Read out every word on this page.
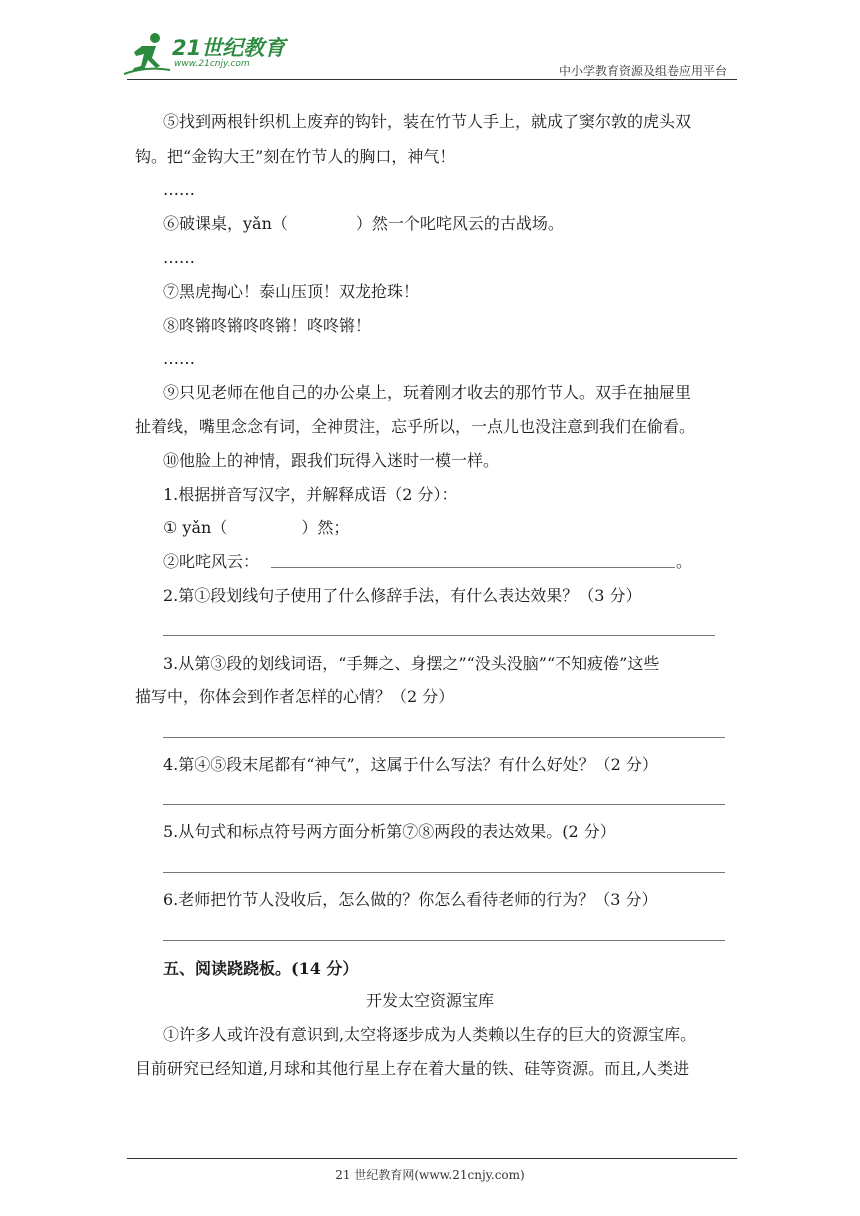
21世纪教育
www.21cnjy.com	中小学教育资源及组卷应用平台
⑤找到两根针织机上废弃的钩针，装在竹节人手上，就成了窦尔敦的虎头双
钩。把“金钩大王”刻在竹节人的胸口，神气！
……
⑥破课桌，yǎn（	）然一个叱咤风云的古战场。
……
⑦黑虎掏心！泰山压顶！双龙抢珠！
⑧咚锵咚锵咚咚锵！咚咚锵！
……
⑨只见老师在他自己的办公桌上，玩着刚才收去的那竹节人。双手在抽屉里
扯着线，嘴里念念有词，全神贯注，忘乎所以，一点儿也没注意到我们在偷看。
⑩他脸上的神情，跟我们玩得入迷时一模一样。
1.根据拼音写汉字，并解释成语（2 分）：
① yǎn（	）然；
②叱咤风云：	。
2.第①段划线句子使用了什么修辞手法，有什么表达效果？（3 分）
3.从第③段的划线词语，“手舞之、身摆之”“没头没脑”“不知疲倦”这些
描写中，你体会到作者怎样的心情？（2 分）
4.第④⑤段末尾都有“神气”，这属于什么写法？有什么好处？（2 分）
5.从句式和标点符号两方面分析第⑦⑧两段的表达效果。(2 分）
6.老师把竹节人没收后，怎么做的？你怎么看待老师的行为？（3 分）
五、阅读跷跷板。(14 分）
开发太空资源宝库
①许多人或许没有意识到,太空将逐步成为人类赖以生存的巨大的资源宝库。
目前研究已经知道,月球和其他行星上存在着大量的铁、硅等资源。而且,人类进
21 世纪教育网(www.21cnjy.com)
